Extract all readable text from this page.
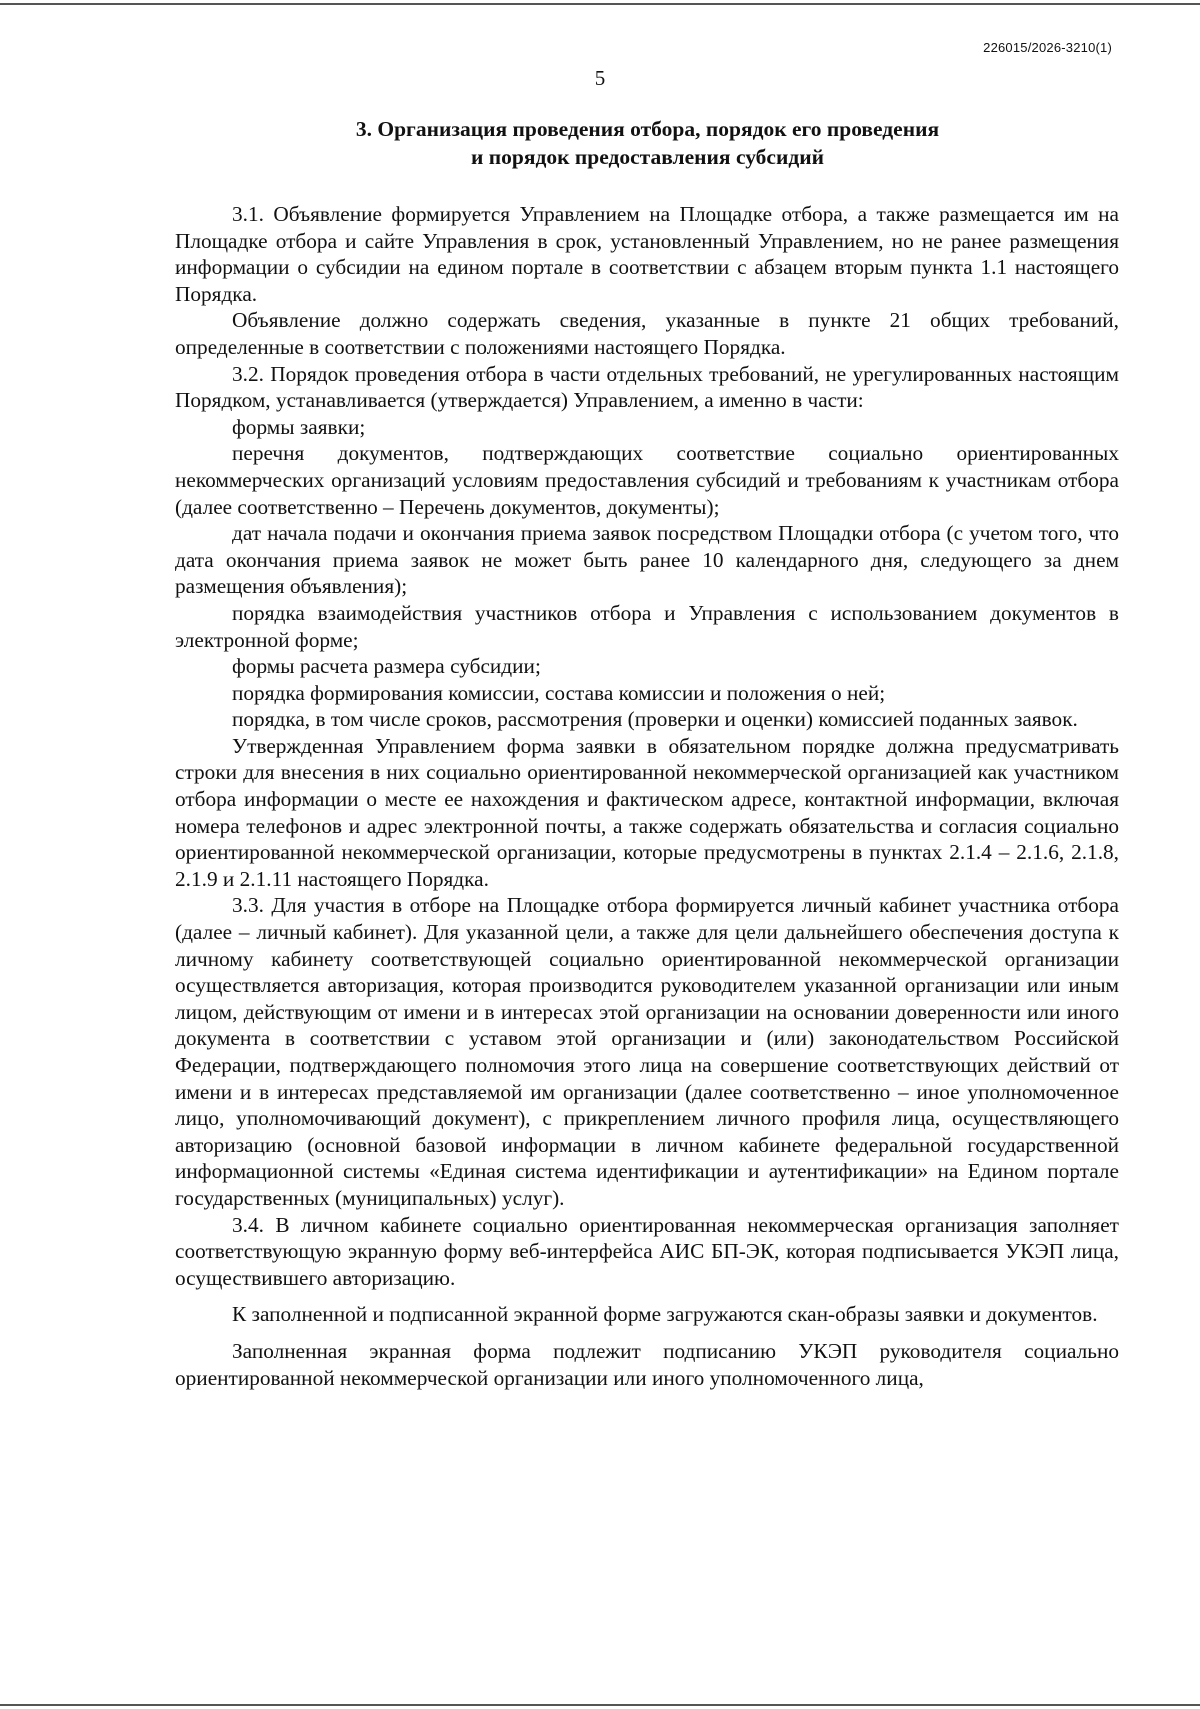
226015/2026-3210(1)
5
3. Организация проведения отбора, порядок его проведения
и порядок предоставления субсидий

3.1. Объявление формируется Управлением на Площадке отбора, а также размещается им на Площадке отбора и сайте Управления в срок, установленный Управлением, но не ранее размещения информации о субсидии на едином портале в соответствии с абзацем вторым пункта 1.1 настоящего Порядка.

Объявление должно содержать сведения, указанные в пункте 21 общих требований, определенные в соответствии с положениями настоящего Порядка.

3.2. Порядок проведения отбора в части отдельных требований, не урегулированных настоящим Порядком, устанавливается (утверждается) Управлением, а именно в части:

формы заявки;

перечня документов, подтверждающих соответствие социально ориентированных некоммерческих организаций условиям предоставления субсидий и требованиям к участникам отбора (далее соответственно – Перечень документов, документы);

дат начала подачи и окончания приема заявок посредством Площадки отбора (с учетом того, что дата окончания приема заявок не может быть ранее 10 календарного дня, следующего за днем размещения объявления);

порядка взаимодействия участников отбора и Управления с использованием документов в электронной форме;

формы расчета размера субсидии;

порядка формирования комиссии, состава комиссии и положения о ней;

порядка, в том числе сроков, рассмотрения (проверки и оценки) комиссией поданных заявок.

Утвержденная Управлением форма заявки в обязательном порядке должна предусматривать строки для внесения в них социально ориентированной некоммерческой организацией как участником отбора информации о месте ее нахождения и фактическом адресе, контактной информации, включая номера телефонов и адрес электронной почты, а также содержать обязательства и согласия социально ориентированной некоммерческой организации, которые предусмотрены в пунктах 2.1.4 – 2.1.6, 2.1.8, 2.1.9 и 2.1.11 настоящего Порядка.

3.3. Для участия в отборе на Площадке отбора формируется личный кабинет участника отбора (далее – личный кабинет). Для указанной цели, а также для цели дальнейшего обеспечения доступа к личному кабинету соответствующей социально ориентированной некоммерческой организации осуществляется авторизация, которая производится руководителем указанной организации или иным лицом, действующим от имени и в интересах этой организации на основании доверенности или иного документа в соответствии с уставом этой организации и (или) законодательством Российской Федерации, подтверждающего полномочия этого лица на совершение соответствующих действий от имени и в интересах представляемой им организации (далее соответственно – иное уполномоченное лицо, уполномочивающий документ), с прикреплением личного профиля лица, осуществляющего авторизацию (основной базовой информации в личном кабинете федеральной государственной информационной системы «Единая система идентификации и аутентификации» на Едином портале государственных (муниципальных) услуг).

3.4. В личном кабинете социально ориентированная некоммерческая организация заполняет соответствующую экранную форму веб-интерфейса АИС БП-ЭК, которая подписывается УКЭП лица, осуществившего авторизацию.

К заполненной и подписанной экранной форме загружаются скан-образы заявки и документов.

Заполненная экранная форма подлежит подписанию УКЭП руководителя социально ориентированной некоммерческой организации или иного уполномоченного лица,
